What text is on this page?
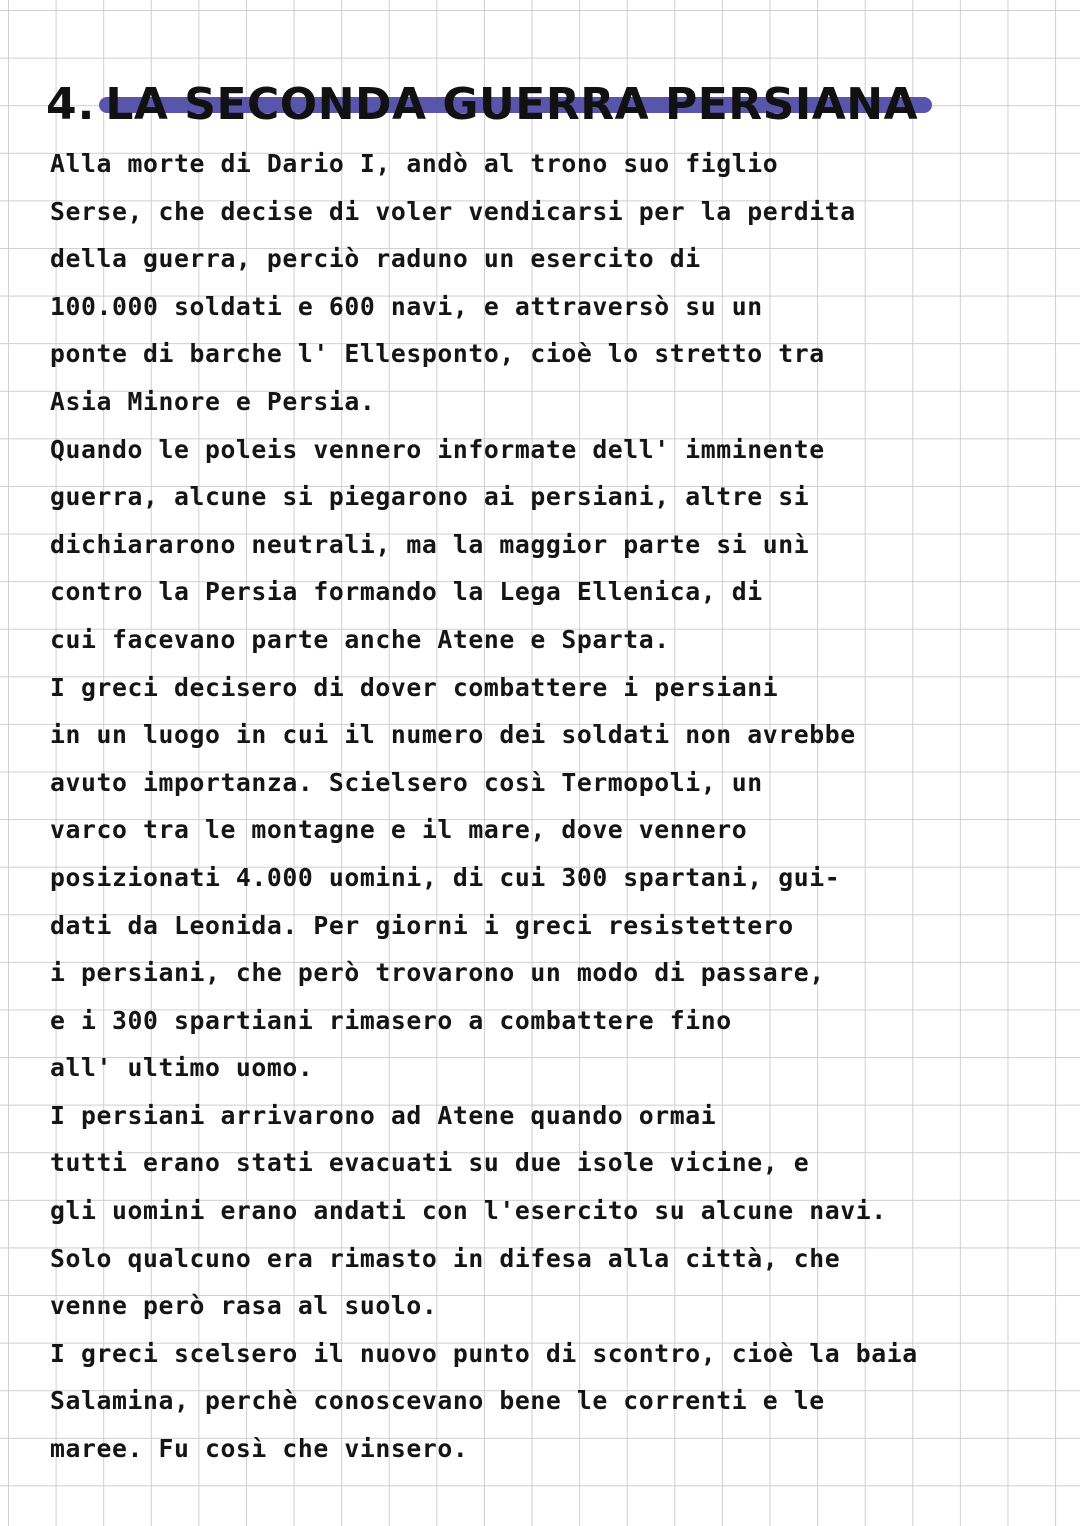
4. LA SECONDA GUERRA PERSIANA
Alla morte di Dario I, andò al trono suo figlio
Serse, che decise di voler vendicarsi per la perdita
della guerra, perciò raduno un esercito di
100.000 soldati e 600 navi, e attraversò su un
ponte di barche l' Ellesponto, cioè lo stretto tra
Asia Minore e Persia.
Quando le poleis vennero informate dell' imminente
guerra, alcune si piegarono ai persiani, altre si
dichiararono neutrali, ma la maggior parte si unì
contro la Persia formando la Lega Ellenica, di
cui facevano parte anche Atene e Sparta.
I greci decisero di dover combattere i persiani
in un luogo in cui il numero dei soldati non avrebbe
avuto importanza. Scielsero così Termopoli, un
varco tra le montagne e il mare, dove vennero
posizionati 4.000 uomini, di cui 300 spartani, gui-
dati da Leonida. Per giorni i greci resistettero
i persiani, che però trovarono un modo di passare,
e i 300 spartiani rimasero a combattere fino
all' ultimo uomo.
I persiani arrivarono ad Atene quando ormai
tutti erano stati evacuati su due isole vicine, e
gli uomini erano andati con l'esercito su alcune navi.
Solo qualcuno era rimasto in difesa alla città, che
venne però rasa al suolo.
I greci scelsero il nuovo punto di scontro, cioè la baia
Salamina, perchè conoscevano bene le correnti e le
maree. Fu così che vinsero.
